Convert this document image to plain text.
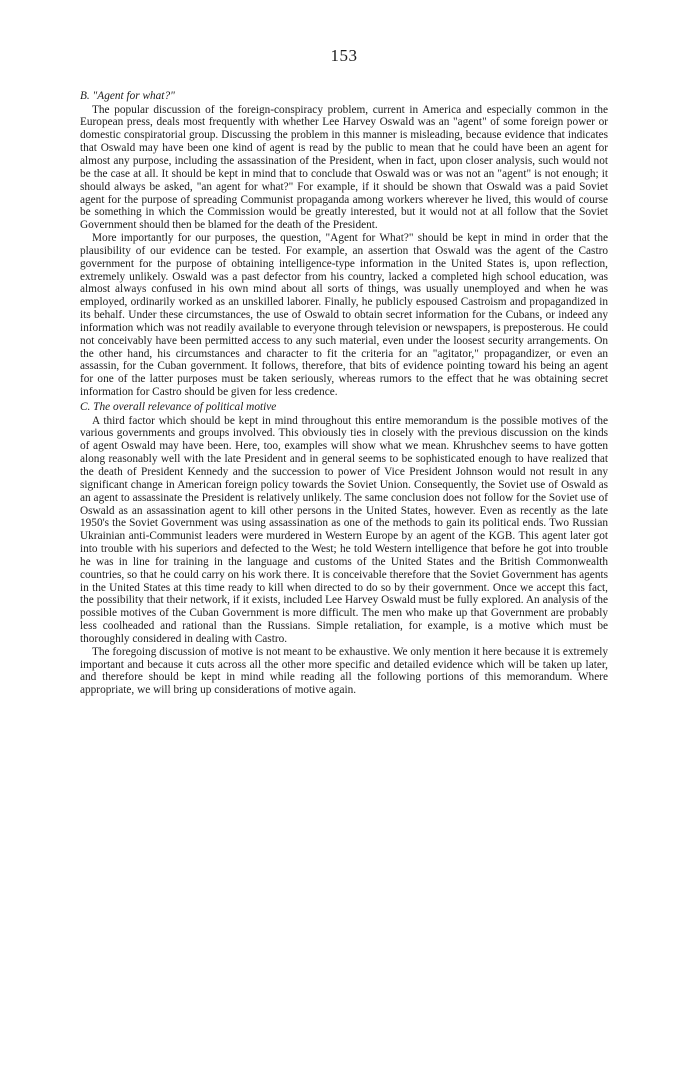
153

B. "Agent for what?"

The popular discussion of the foreign-conspiracy problem, current in America and especially common in the European press, deals most frequently with whether Lee Harvey Oswald was an "agent" of some foreign power or domestic conspiratorial group. Discussing the problem in this manner is misleading, because evidence that indicates that Oswald may have been one kind of agent is read by the public to mean that he could have been an agent for almost any purpose, including the assassination of the President, when in fact, upon closer analysis, such would not be the case at all. It should be kept in mind that to conclude that Oswald was or was not an "agent" is not enough; it should always be asked, "an agent for what?" For example, if it should be shown that Oswald was a paid Soviet agent for the purpose of spreading Communist propaganda among workers wherever he lived, this would of course be something in which the Commission would be greatly interested, but it would not at all follow that the Soviet Government should then be blamed for the death of the President.

More importantly for our purposes, the question, "Agent for What?" should be kept in mind in order that the plausibility of our evidence can be tested. For example, an assertion that Oswald was the agent of the Castro government for the purpose of obtaining intelligence-type information in the United States is, upon reflection, extremely unlikely. Oswald was a past defector from his country, lacked a completed high school education, was almost always confused in his own mind about all sorts of things, was usually unemployed and when he was employed, ordinarily worked as an unskilled laborer. Finally, he publicly espoused Castroism and propagandized in its behalf. Under these circumstances, the use of Oswald to obtain secret information for the Cubans, or indeed any information which was not readily available to everyone through television or newspapers, is preposterous. He could not conceivably have been permitted access to any such material, even under the loosest security arrangements. On the other hand, his circumstances and character to fit the criteria for an "agitator," propagandizer, or even an assassin, for the Cuban government. It follows, therefore, that bits of evidence pointing toward his being an agent for one of the latter purposes must be taken seriously, whereas rumors to the effect that he was obtaining secret information for Castro should be given for less credence.

C. The overall relevance of political motive

A third factor which should be kept in mind throughout this entire memorandum is the possible motives of the various governments and groups involved. This obviously ties in closely with the previous discussion on the kinds of agent Oswald may have been. Here, too, examples will show what we mean. Khrushchev seems to have gotten along reasonably well with the late President and in general seems to be sophisticated enough to have realized that the death of President Kennedy and the succession to power of Vice President Johnson would not result in any significant change in American foreign policy towards the Soviet Union. Consequently, the Soviet use of Oswald as an agent to assassinate the President is relatively unlikely. The same conclusion does not follow for the Soviet use of Oswald as an assassination agent to kill other persons in the United States, however. Even as recently as the late 1950's the Soviet Government was using assassination as one of the methods to gain its political ends. Two Russian Ukrainian anti-Communist leaders were murdered in Western Europe by an agent of the KGB. This agent later got into trouble with his superiors and defected to the West; he told Western intelligence that before he got into trouble he was in line for training in the language and customs of the United States and the British Commonwealth countries, so that he could carry on his work there. It is conceivable therefore that the Soviet Government has agents in the United States at this time ready to kill when directed to do so by their government. Once we accept this fact, the possibility that their network, if it exists, included Lee Harvey Oswald must be fully explored. An analysis of the possible motives of the Cuban Government is more difficult. The men who make up that Government are probably less coolheaded and rational than the Russians. Simple retaliation, for example, is a motive which must be thoroughly considered in dealing with Castro.

The foregoing discussion of motive is not meant to be exhaustive. We only mention it here because it is extremely important and because it cuts across all the other more specific and detailed evidence which will be taken up later, and therefore should be kept in mind while reading all the following portions of this memorandum. Where appropriate, we will bring up considerations of motive again.
